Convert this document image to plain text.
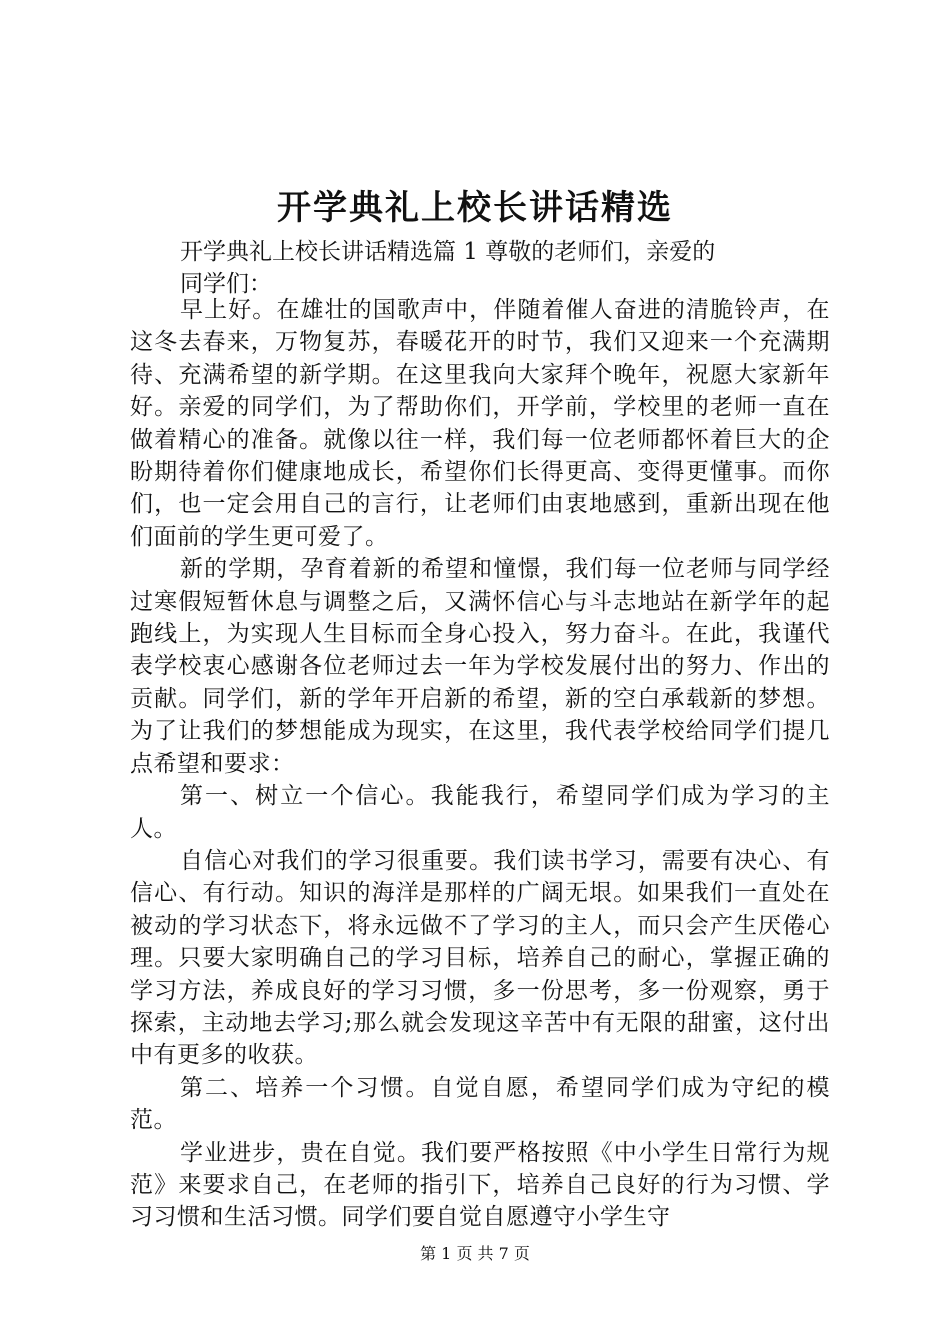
开学典礼上校长讲话精选
开学典礼上校长讲话精选篇 1 尊敬的老师们，亲爱的
同学们：

早上好。在雄壮的国歌声中，伴随着催人奋进的清脆铃声，在这冬去春来，万物复苏，春暖花开的时节，我们又迎来一个充满期待、充满希望的新学期。在这里我向大家拜个晚年，祝愿大家新年好。亲爱的同学们，为了帮助你们，开学前，学校里的老师一直在做着精心的准备。就像以往一样，我们每一位老师都怀着巨大的企盼期待着你们健康地成长，希望你们长得更高、变得更懂事。而你们，也一定会用自己的言行，让老师们由衷地感到，重新出现在他们面前的学生更可爱了。

新的学期，孕育着新的希望和憧憬，我们每一位老师与同学经过寒假短暂休息与调整之后，又满怀信心与斗志地站在新学年的起跑线上，为实现人生目标而全身心投入，努力奋斗。在此，我谨代表学校衷心感谢各位老师过去一年为学校发展付出的努力、作出的贡献。同学们，新的学年开启新的希望，新的空白承载新的梦想。为了让我们的梦想能成为现实，在这里，我代表学校给同学们提几点希望和要求：

第一、树立一个信心。我能我行，希望同学们成为学习的主人。

自信心对我们的学习很重要。我们读书学习，需要有决心、有信心、有行动。知识的海洋是那样的广阔无垠。如果我们一直处在被动的学习状态下，将永远做不了学习的主人，而只会产生厌倦心理。只要大家明确自己的学习目标，培养自己的耐心，掌握正确的学习方法，养成良好的学习习惯，多一份思考，多一份观察，勇于探索，主动地去学习;那么就会发现这辛苦中有无限的甜蜜，这付出中有更多的收获。

第二、培养一个习惯。自觉自愿，希望同学们成为守纪的模范。

学业进步，贵在自觉。我们要严格按照《中小学生日常行为规范》来要求自己，在老师的指引下，培养自己良好的行为习惯、学习习惯和生活习惯。同学们要自觉自愿遵守小学生守

第 1 页 共 7 页
